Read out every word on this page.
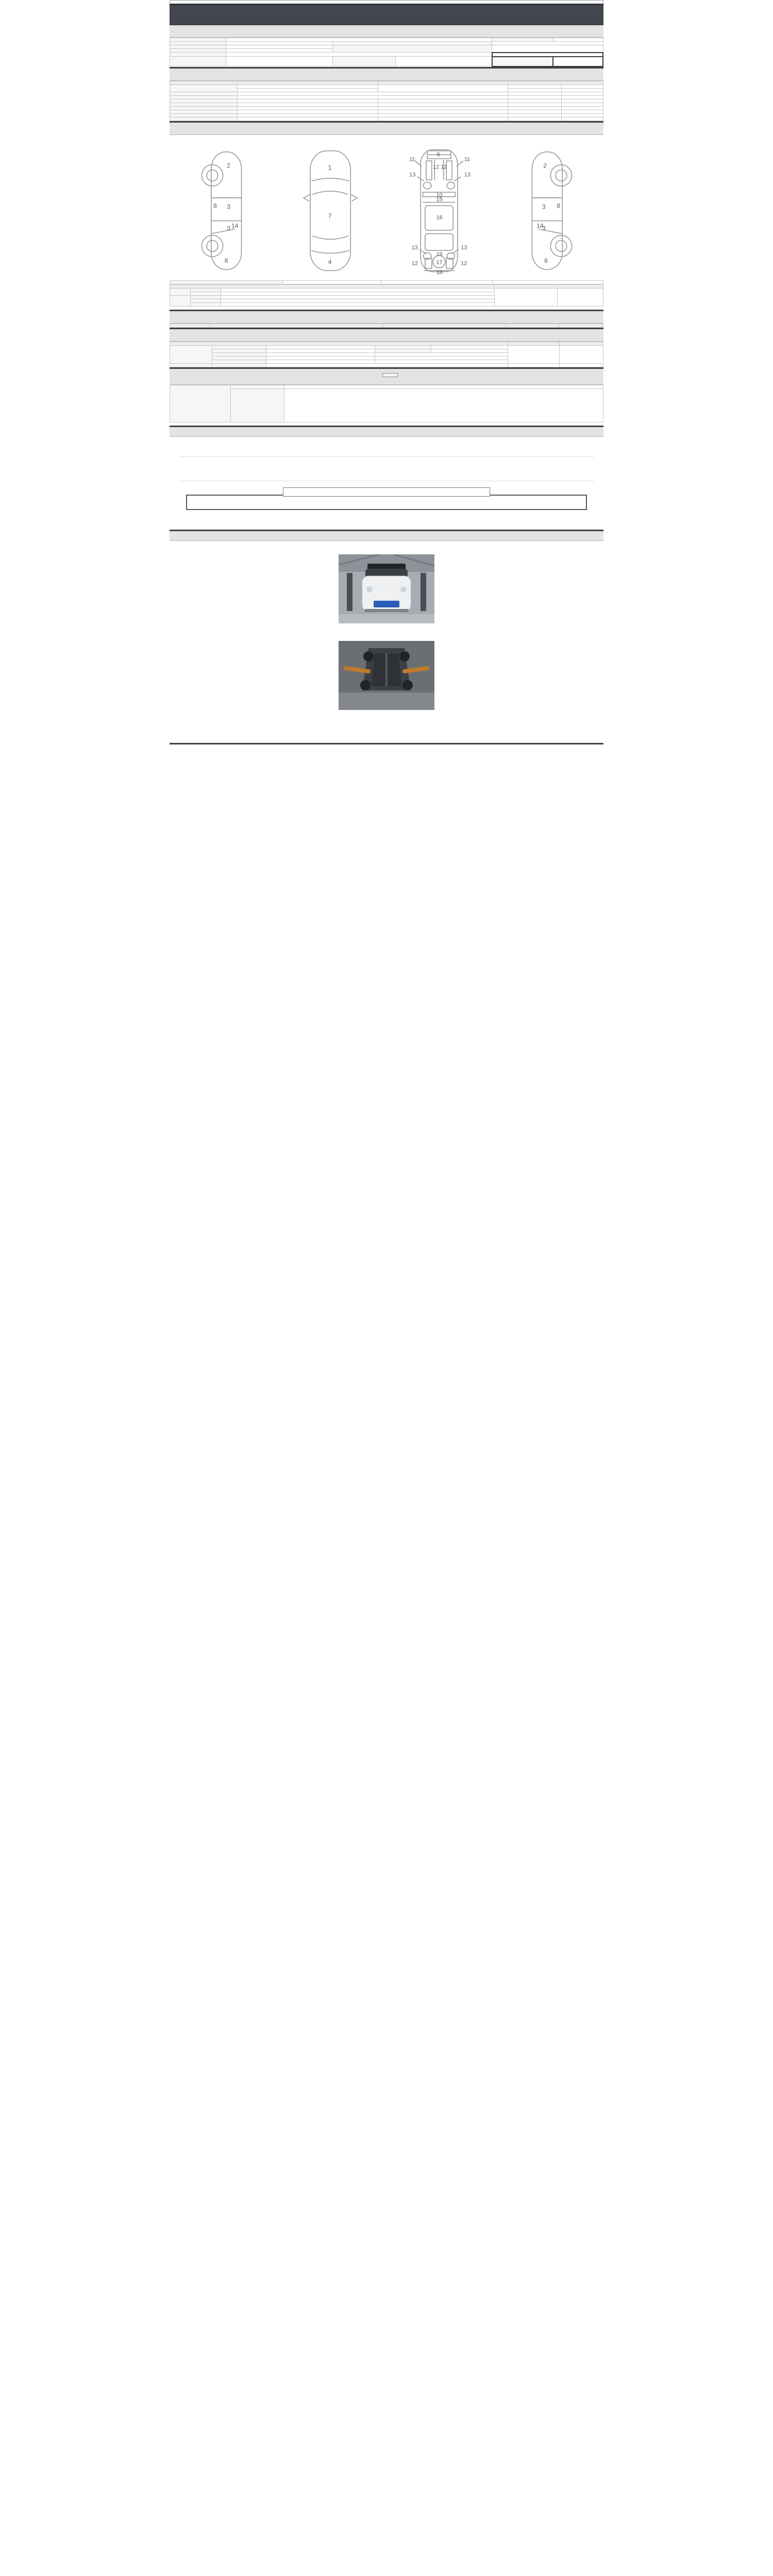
2
8 3
14
3
6
1
7
4
11	11
13	13
12 12
9
10
15
16
13	13
12	12
17
19
18
2
8
3
14
3
6
